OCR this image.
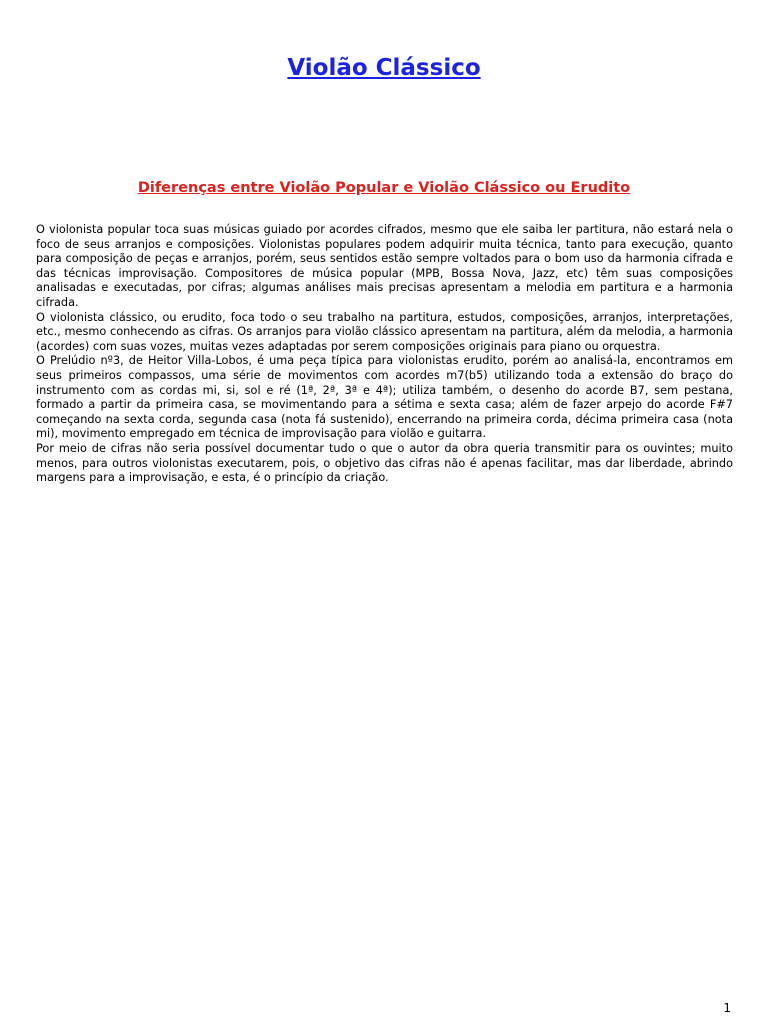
Violão Clássico
Diferenças entre Violão Popular e Violão Clássico ou Erudito

O violonista popular toca suas músicas guiado por acordes cifrados, mesmo que ele saiba ler partitura, não estará nela o foco de seus arranjos e composições. Violonistas populares podem adquirir muita técnica, tanto para execução, quanto para composição de peças e arranjos, porém, seus sentidos estão sempre voltados para o bom uso da harmonia cifrada e das técnicas improvisação. Compositores de música popular (MPB, Bossa Nova, Jazz, etc) têm suas composições analisadas e executadas, por cifras; algumas análises mais precisas apresentam a melodia em partitura e a harmonia cifrada.

O violonista clássico, ou erudito, foca todo o seu trabalho na partitura, estudos, composições, arranjos, interpretações, etc., mesmo conhecendo as cifras. Os arranjos para violão clássico apresentam na partitura, além da melodia, a harmonia (acordes) com suas vozes, muitas vezes adaptadas por serem composições originais para piano ou orquestra.

O Prelúdio nº3, de Heitor Villa-Lobos, é uma peça típica para violonistas erudito, porém ao analisá-la, encontramos em seus primeiros compassos, uma série de movimentos com acordes m7(b5) utilizando toda a extensão do braço do instrumento com as cordas mi, si, sol e ré (1ª, 2ª, 3ª e 4ª); utiliza também, o desenho do acorde B7, sem pestana, formado a partir da primeira casa, se movimentando para a sétima e sexta casa; além de fazer arpejo do acorde F#7 começando na sexta corda, segunda casa (nota fá sustenido), encerrando na primeira corda, décima primeira casa (nota mi), movimento empregado em técnica de improvisação para violão e guitarra.

Por meio de cifras não seria possível documentar tudo o que o autor da obra queria transmitir para os ouvintes; muito menos, para outros violonistas executarem, pois, o objetivo das cifras não é apenas facilitar, mas dar liberdade, abrindo margens para a improvisação, e esta, é o princípio da criação.

1
